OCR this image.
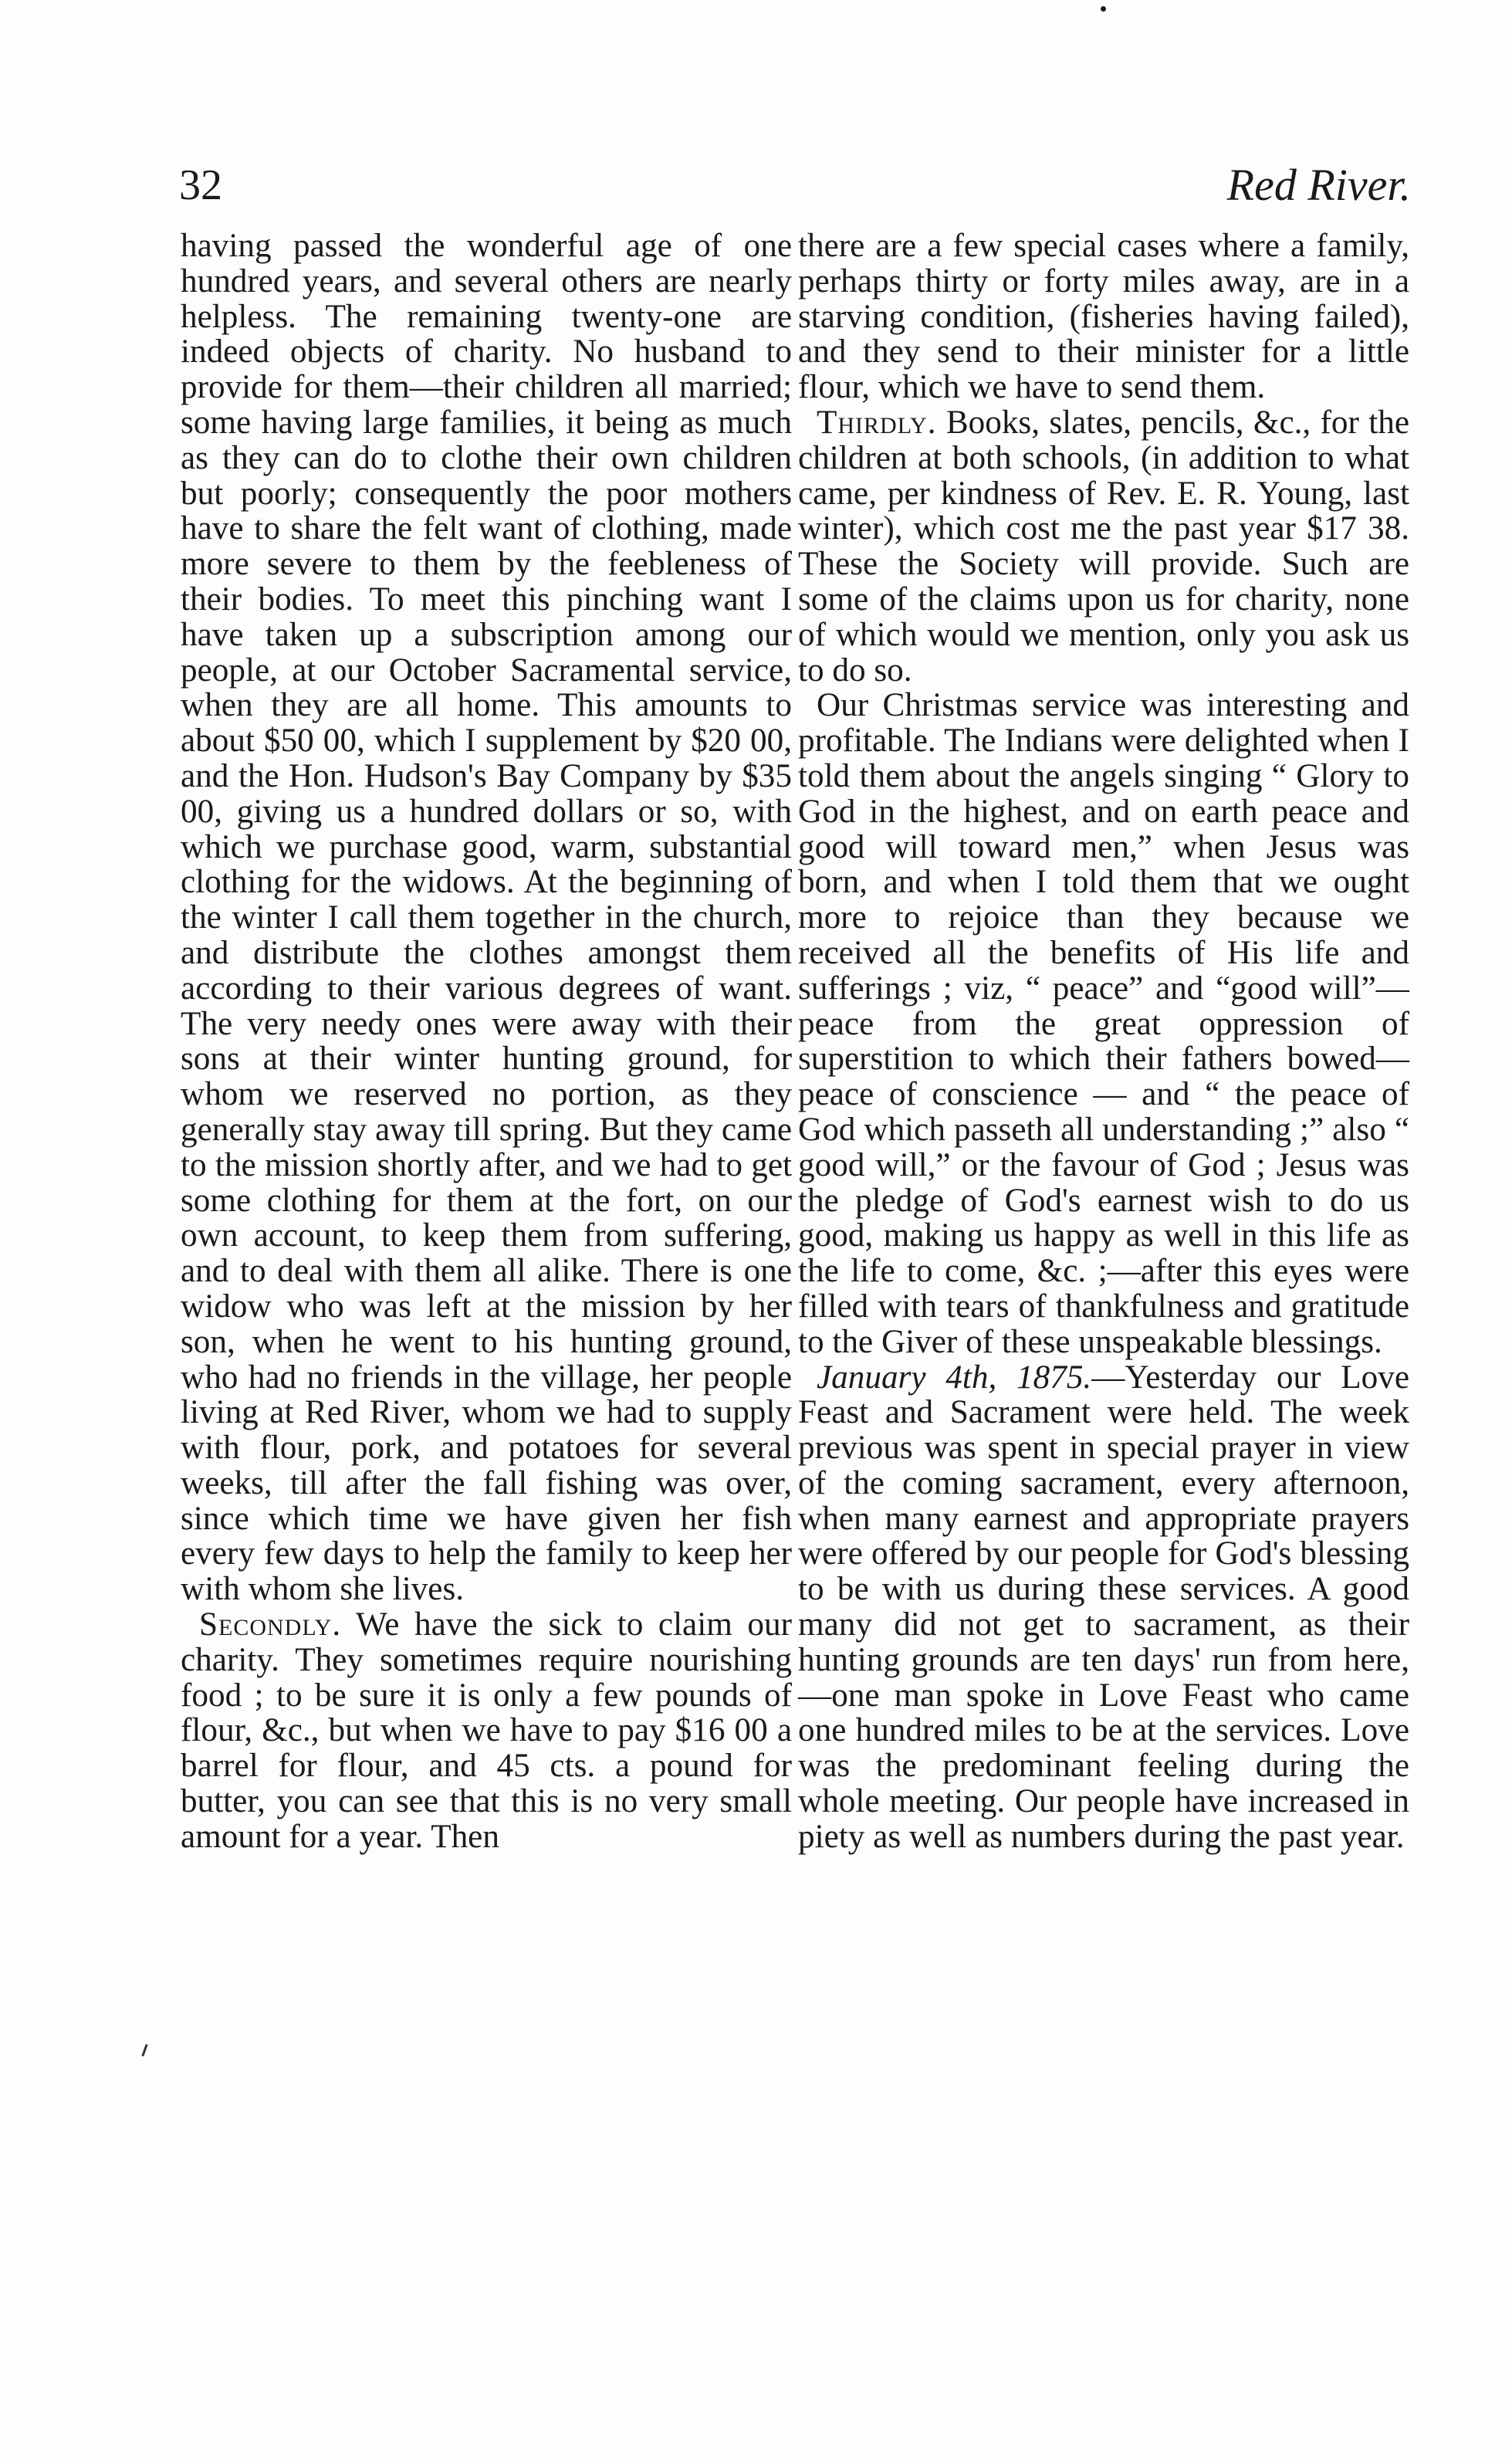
32	Red River.

having passed the wonderful age of one hundred years, and several others are nearly helpless. The remaining twenty-one are indeed objects of charity. No husband to provide for them—their children all married; some having large families, it being as much as they can do to clothe their own children but poorly; consequently the poor mothers have to share the felt want of clothing, made more severe to them by the feebleness of their bodies. To meet this pinching want I have taken up a subscription among our people, at our October Sacramental service, when they are all home. This amounts to about $50 00, which I supplement by $20 00, and the Hon. Hudson's Bay Company by $35 00, giving us a hundred dollars or so, with which we purchase good, warm, substantial clothing for the widows. At the beginning of the winter I call them together in the church, and distribute the clothes amongst them according to their various degrees of want. The very needy ones were away with their sons at their winter hunting ground, for whom we reserved no portion, as they generally stay away till spring. But they came to the mission shortly after, and we had to get some clothing for them at the fort, on our own account, to keep them from suffering, and to deal with them all alike. There is one widow who was left at the mission by her son, when he went to his hunting ground, who had no friends in the village, her people living at Red River, whom we had to supply with flour, pork, and potatoes for several weeks, till after the fall fishing was over, since which time we have given her fish every few days to help the family to keep her with whom she lives.

Secondly. We have the sick to claim our charity. They sometimes require nourishing food ; to be sure it is only a few pounds of flour, &c., but when we have to pay $16 00 a barrel for flour, and 45 cts. a pound for butter, you can see that this is no very small amount for a year. Then

there are a few special cases where a family, perhaps thirty or forty miles away, are in a starving condition, (fisheries having failed), and they send to their minister for a little flour, which we have to send them.

Thirdly. Books, slates, pencils, &c., for the children at both schools, (in addition to what came, per kindness of Rev. E. R. Young, last winter), which cost me the past year $17 38. These the Society will provide. Such are some of the claims upon us for charity, none of which would we mention, only you ask us to do so.

Our Christmas service was interesting and profitable. The Indians were delighted when I told them about the angels singing “ Glory to God in the highest, and on earth peace and good will toward men,” when Jesus was born, and when I told them that we ought more to rejoice than they because we received all the benefits of His life and sufferings ; viz, “ peace” and “good will”—peace from the great oppression of superstition to which their fathers bowed—peace of conscience — and “ the peace of God which passeth all understanding ;” also “ good will,” or the favour of God ; Jesus was the pledge of God's earnest wish to do us good, making us happy as well in this life as the life to come, &c. ;—after this eyes were filled with tears of thankfulness and gratitude to the Giver of these unspeakable blessings.

January 4th, 1875.—Yesterday our Love Feast and Sacrament were held. The week previous was spent in special prayer in view of the coming sacrament, every afternoon, when many earnest and appropriate prayers were offered by our people for God's blessing to be with us during these services. A good many did not get to sacrament, as their hunting grounds are ten days' run from here,—one man spoke in Love Feast who came one hundred miles to be at the services. Love was the predominant feeling during the whole meeting. Our people have increased in piety as well as numbers during the past year.
